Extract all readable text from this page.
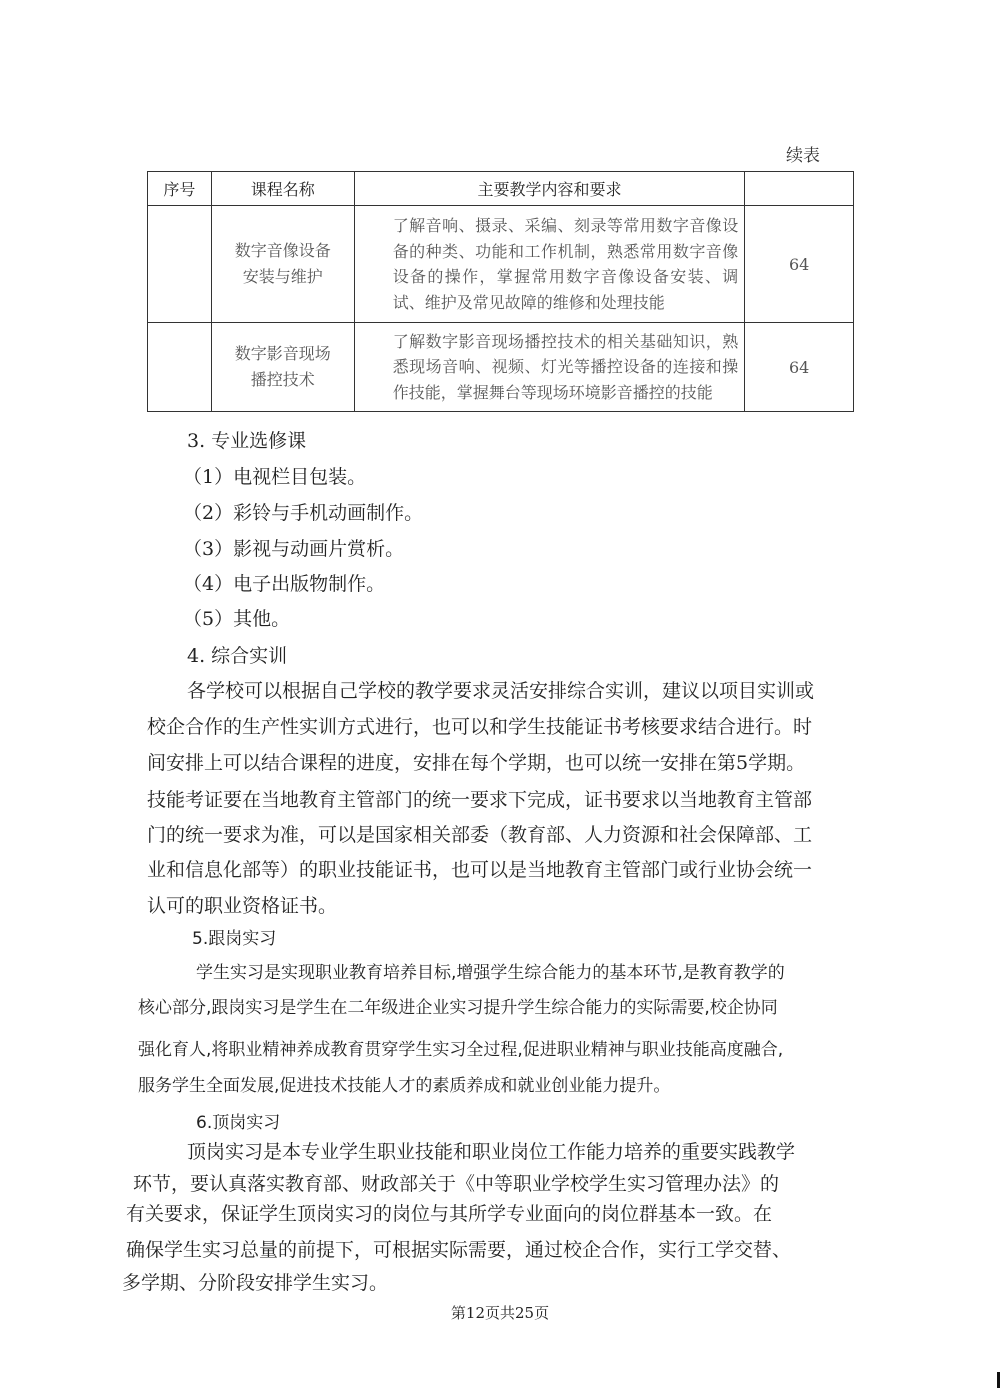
续表
序号	课程名称	主要教学内容和要求	

	数字音像设备安装与维护	了解音响、摄录、采编、刻录等常用数字音像设备的种类、功能和工作机制，熟悉常用数字音像设备的操作，掌握常用数字音像设备安装、调试、维护及常见故障的维修和处理技能	64

	数字影音现场播控技术	了解数字影音现场播控技术的相关基础知识，熟悉现场音响、视频、灯光等播控设备的连接和操作技能，掌握舞台等现场环境影音播控的技能	64
3. 专业选修课
（1）电视栏目包装。
（2）彩铃与手机动画制作。
（3）影视与动画片赏析。
（4）电子出版物制作。
（5）其他。
4. 综合实训
各学校可以根据自己学校的教学要求灵活安排综合实训，建议以项目实训或
校企合作的生产性实训方式进行，也可以和学生技能证书考核要求结合进行。时
间安排上可以结合课程的进度，安排在每个学期，也可以统一安排在第5学期。
技能考证要在当地教育主管部门的统一要求下完成，证书要求以当地教育主管部
门的统一要求为准，可以是国家相关部委（教育部、人力资源和社会保障部、工
业和信息化部等）的职业技能证书，也可以是当地教育主管部门或行业协会统一
认可的职业资格证书。
5.跟岗实习
学生实习是实现职业教育培养目标,增强学生综合能力的基本环节,是教育教学的
核心部分,跟岗实习是学生在二年级进企业实习提升学生综合能力的实际需要,校企协同
强化育人,将职业精神养成教育贯穿学生实习全过程,促进职业精神与职业技能高度融合,
服务学生全面发展,促进技术技能人才的素质养成和就业创业能力提升。
6.顶岗实习
顶岗实习是本专业学生职业技能和职业岗位工作能力培养的重要实践教学
环节，要认真落实教育部、财政部关于《中等职业学校学生实习管理办法》的
有关要求，保证学生顶岗实习的岗位与其所学专业面向的岗位群基本一致。在
确保学生实习总量的前提下，可根据实际需要，通过校企合作，实行工学交替、
多学期、分阶段安排学生实习。
第12页共25页
